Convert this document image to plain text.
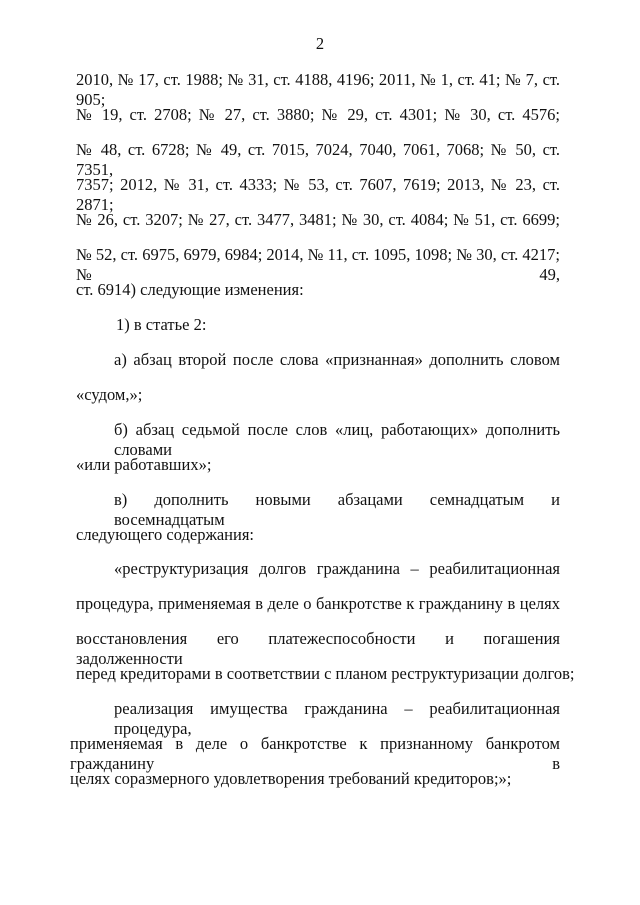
2
2010, № 17, ст. 1988; № 31, ст. 4188, 4196; 2011, № 1, ст. 41; № 7, ст. 905;
№ 19, ст. 2708; № 27, ст. 3880; № 29, ст. 4301; № 30, ст. 4576;
№ 48, ст. 6728; № 49, ст. 7015, 7024, 7040, 7061, 7068; № 50, ст. 7351,
7357; 2012, № 31, ст. 4333; № 53, ст. 7607, 7619; 2013, № 23, ст. 2871;
№ 26, ст. 3207; № 27, ст. 3477, 3481; № 30, ст. 4084; № 51, ст. 6699;
№ 52, ст. 6975, 6979, 6984; 2014, № 11, ст. 1095, 1098; № 30, ст. 4217; № 49,
ст. 6914) следующие изменения:
1) в статье 2:
а) абзац второй после слова «признанная» дополнить словом
«судом,»;
б) абзац седьмой после слов «лиц, работающих» дополнить словами
«или работавших»;
в) дополнить новыми абзацами семнадцатым и восемнадцатым
следующего содержания:
«реструктуризация долгов гражданина – реабилитационная
процедура, применяемая в деле о банкротстве к гражданину в целях
восстановления его платежеспособности и погашения задолженности
перед кредиторами в соответствии с планом реструктуризации долгов;
реализация имущества гражданина – реабилитационная процедура,
применяемая в деле о банкротстве к признанному банкротом гражданину в
целях соразмерного удовлетворения требований кредиторов;»;
